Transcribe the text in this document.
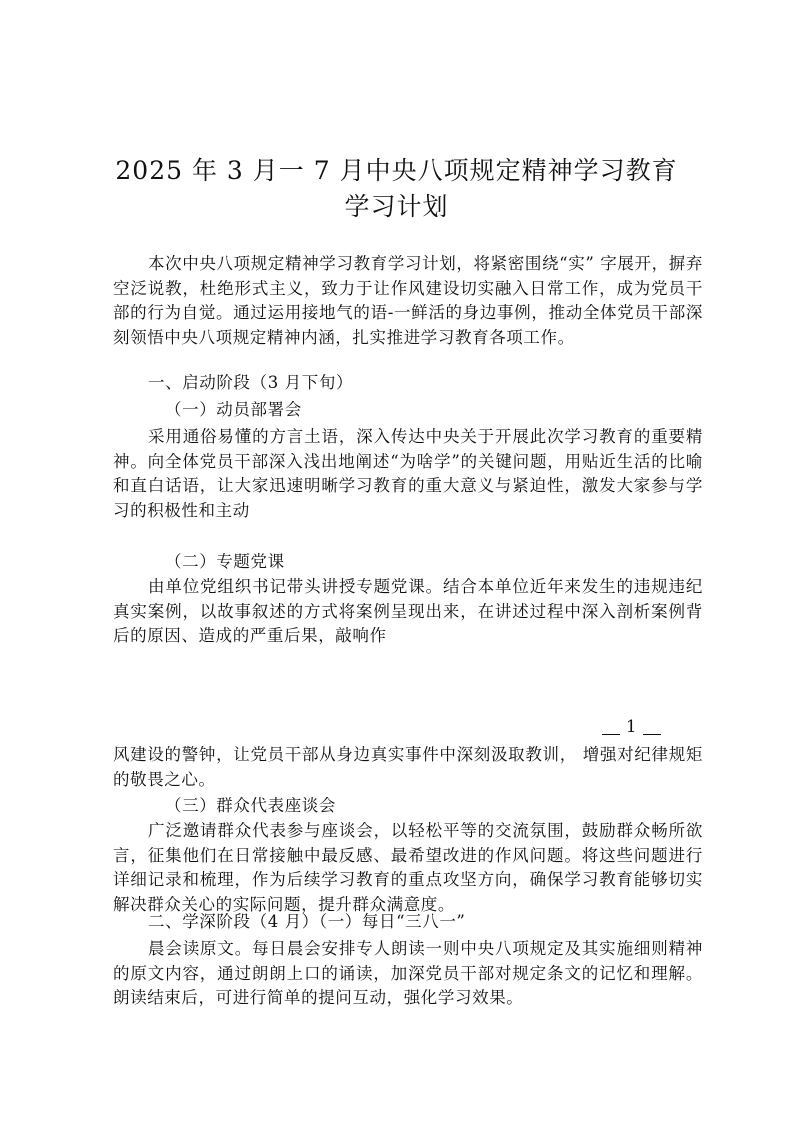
2025 年 3 月一 7 月中央八项规定精神学习教育
学习计划

本次中央八项规定精神学习教育学习计划，将紧密围绕“实” 字展开，摒弃空泛说教，杜绝形式主义，致力于让作风建设切实融入日常工作，成为党员干部的行为自觉。通过运用接地气的语-一鲜活的身边事例，推动全体党员干部深刻领悟中央八项规定精神内涵，扎实推进学习教育各项工作。

一、启动阶段（3 月下旬）

（一）动员部署会

采用通俗易懂的方言土语，深入传达中央关于开展此次学习教育的重要精神。向全体党员干部深入浅出地阐述“为啥学”的关键问题，用贴近生活的比喻和直白话语，让大家迅速明晰学习教育的重大意义与紧迫性，激发大家参与学习的积极性和主动

（二）专题党课

由单位党组织书记带头讲授专题党课。结合本单位近年来发生的违规违纪真实案例，以故事叙述的方式将案例呈现出来，在讲述过程中深入剖析案例背后的原因、造成的严重后果，敲响作

1

风建设的警钟，让党员干部从身边真实事件中深刻汲取教训， 增强对纪律规矩的敬畏之心。

（三）群众代表座谈会

广泛邀请群众代表参与座谈会，以轻松平等的交流氛围，鼓励群众畅所欲言，征集他们在日常接触中最反感、最希望改进的作风问题。将这些问题进行详细记录和梳理，作为后续学习教育的重点攻坚方向，确保学习教育能够切实解决群众关心的实际问题，提升群众满意度。

二、学深阶段（4 月）（一）每日“三八一”

晨会读原文。每日晨会安排专人朗读一则中央八项规定及其实施细则精神的原文内容，通过朗朗上口的诵读，加深党员干部对规定条文的记忆和理解。朗读结束后，可进行简单的提问互动，强化学习效果。
